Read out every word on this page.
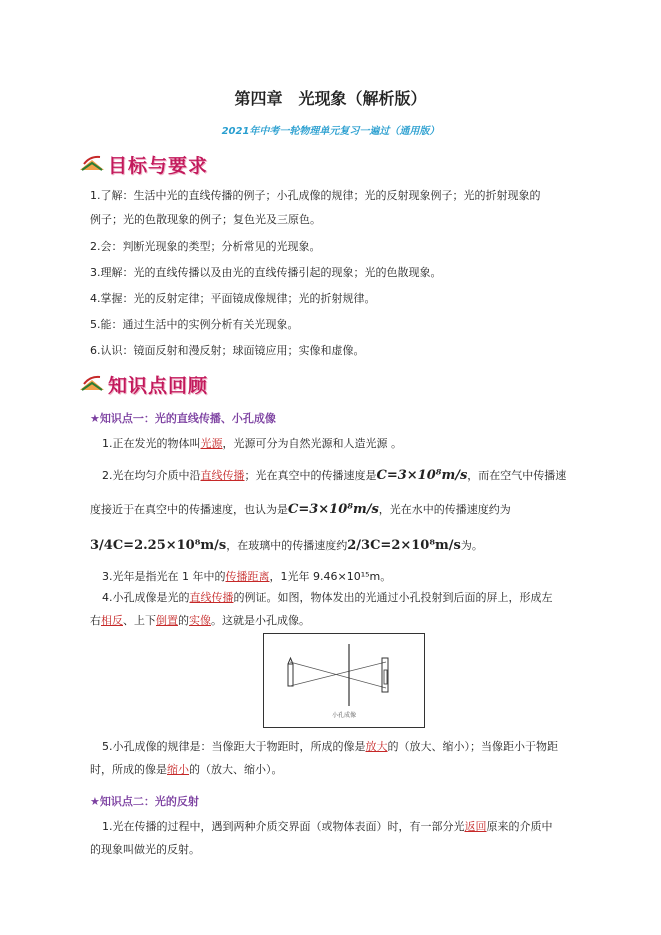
第四章　光现象（解析版）
2021年中考一轮物理单元复习一遍过（通用版）
目标与要求
1.了解：生活中光的直线传播的例子；小孔成像的规律；光的反射现象例子；光的折射现象的
例子；光的色散现象的例子；复色光及三原色。
2.会：判断光现象的类型；分析常见的光现象。
3.理解：光的直线传播以及由光的直线传播引起的现象；光的色散现象。
4.掌握：光的反射定律；平面镜成像规律；光的折射规律。
5.能：通过生活中的实例分析有关光现象。
6.认识：镜面反射和漫反射；球面镜应用；实像和虚像。
知识点回顾
★知识点一：光的直线传播、小孔成像
1.正在发光的物体叫光源，光源可分为自然光源和人造光源 。
2.光在均匀介质中沿直线传播；光在真空中的传播速度是C=3×10⁸m/s，而在空气中传播速
度接近于在真空中的传播速度，也认为是C=3×10⁸m/s，光在水中的传播速度约为
3/4C=2.25×10⁸m/s，在玻璃中的传播速度约2/3C=2×10⁸m/s为。
3.光年是指光在 1 年中的传播距离，1光年 9.46×10¹⁵m。
4.小孔成像是光的直线传播的例证。如图，物体发出的光通过小孔投射到后面的屏上，形成左
右相反、上下倒置的实像。这就是小孔成像。
小孔成像
5.小孔成像的规律是：当像距大于物距时，所成的像是放大的（放大、缩小）；当像距小于物距
时，所成的像是缩小的（放大、缩小）。
★知识点二：光的反射
1.光在传播的过程中，遇到两种介质交界面（或物体表面）时，有一部分光返回原来的介质中
的现象叫做光的反射。
